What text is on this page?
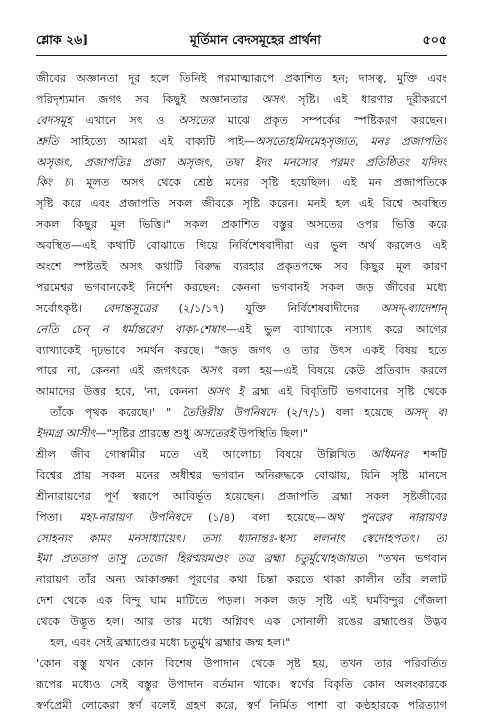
শ্লোক ২৬]	মূর্তিমান বেদসমূহের প্রার্থনা	৫০৫
জীবের অজ্ঞানতা দূর হলে তিনিই পরমাত্মারূপে প্রকাশিত হন; দাসত্ব, মুক্তি এবং
পরিদৃশ্যমান জগৎ সব কিছুই অজ্ঞানতার অসৎ সৃষ্টি। এই ধারণার দূরীকরণে
বেদসমূহ এখানে সৎ ও অসতের মাঝে প্রকৃত সম্পর্কের স্পষ্টিকরণ করছেন।
শ্রুতি সাহিত্যে আমরা এই বাক্যটি পাই—অসতোহমিদমেহসৃজ্যত, মনঃ প্রজাপতিং
অসৃজৎ, প্রজাপতিঃ প্রজা অসৃজৎ, তদ্বা ইদং মনস্যেব পরমং প্রতিষ্ঠিতং যদিদং
কিং চ। মূলত অসৎ থেকে শ্রেষ্ঠ মনের সৃষ্টি হয়েছিল। এই মন প্রজাপতিকে
সৃষ্টি করে এবং প্রজাপতি সকল জীবকে সৃষ্টি করেন। মনই হল এই বিশ্বে অবস্থিত
সকল কিছুর মূল ভিত্তি।" সকল প্রকাশিত বস্তুর অসতের ওপর ভিত্তি করে
অবস্থিত—এই কথাটি বোঝাতে গিয়ে নির্বিশেষবাদীরা এর ভুল অর্থ করলেও এই
অংশে স্পষ্টতই অসৎ কথাটি বিরুদ্ধ ব্যবহার প্রকৃতপক্ষে সব কিছুর মূল কারণ
পরমেশ্বর ভগবানকেই নির্দেশ করছেন: কেননা ভগবানই সকল জড় জীবের মধ্যে
সর্বোৎকৃষ্ট। বেদান্তসূত্রের (২/১/১৭) যুক্তি নির্বিশেষবাদীদের অসদ্-ব্যাদেশান্
নেতি চেন্ ন ধর্মান্তরেণ বাক্য-শেষাৎ—এই ভুল ব্যাখ্যাকে নস্যাৎ করে আগের
ব্যাখ্যাকেই দৃঢ়ভাবে সমর্থন করছে। "জড় জগৎ ও তার উৎস একই বিষয় হতে
পারে না, কেননা এই জগৎকে অসৎ বলা হয়—এই বিষয়ে কেউ প্রতিবাদ করলে
আমাদের উত্তর হবে, 'না, কেননা অসৎ ই ব্রহ্ম এই বিবৃতিটি ভগবানের সৃষ্টি থেকে
তাঁকে পৃথক করেছে।' " তৈত্তিরীয় উপনিষদে (২/৭/১) বলা হয়েছে অসদ্ বা
ইদমগ্র আসীৎ—"সৃষ্টির প্রারম্ভে শুধু অসতেরই উপস্থিতি ছিল।"
শ্রীল জীব গোস্বামীর মতে এই আলোচ্য বিষয়ে উল্লিখিত অধিমনঃ শব্দটি
বিশ্বের প্রায় সকল মনের অধীশ্বর ভগবান অনিরুদ্ধকে বোঝায়, যিনি সৃষ্টি মানসে
শ্রীনারায়ণের পূর্ণ স্বরূপে আবির্ভূত হয়েছেন। প্রজাপতি ব্রহ্মা সকল সৃষ্টজীবের
পিতা। মহা-নারায়ণ উপনিষদে (১/৪) বলা হয়েছে—অথ পুনরেব নারায়ণঃ
সোহন্যং কামং মনসাধ্যায়েৎ। তস্য ধ্যানান্তঃ-স্থস্য ললনাৎ স্বেদোহপতৎ। তা
ইমা প্রতত্যপ তাসু তেজো হিরণ্ময়মণ্ডং তত্র ব্রহ্মা চতুর্মুখোহজায়ত। "তখন ভগবান
নারায়ণ তাঁর অন্য আকাঙ্ক্ষা পূরণের কথা চিন্তা করতে থাকা কালীন তাঁর ললাট
দেশ থেকে এক বিন্দু ঘাম মাটিতে পড়ল। সকল জড় সৃষ্টি এই ঘর্মবিন্দুর গেঁজলা
থেকে উদ্ভূত হল। আর তার মধ্যে অগ্নিবৎ এক সোনালী রঙের ব্রহ্মাণ্ডের উদ্ভব
হল, এবং সেই ব্রহ্মাণ্ডের মধ্যে চতুর্মুখ ব্রহ্মার জন্ম হল।"
'কোন বস্তু যখন কোন বিশেষ উপাদান থেকে সৃষ্ট হয়, তখন তার পরিবর্তিত
রূপের মধ্যেও সেই বস্তুর উপাদান বর্তমান থাকে। স্বর্ণের বিকৃতি কোন অলংকারকে
স্বর্ণপ্রেমী লোকেরা স্বর্ণ বলেই গ্রহণ করে, স্বর্ণ নির্মিত পাশা বা কণ্ঠহারকে পরিত্যাগ
